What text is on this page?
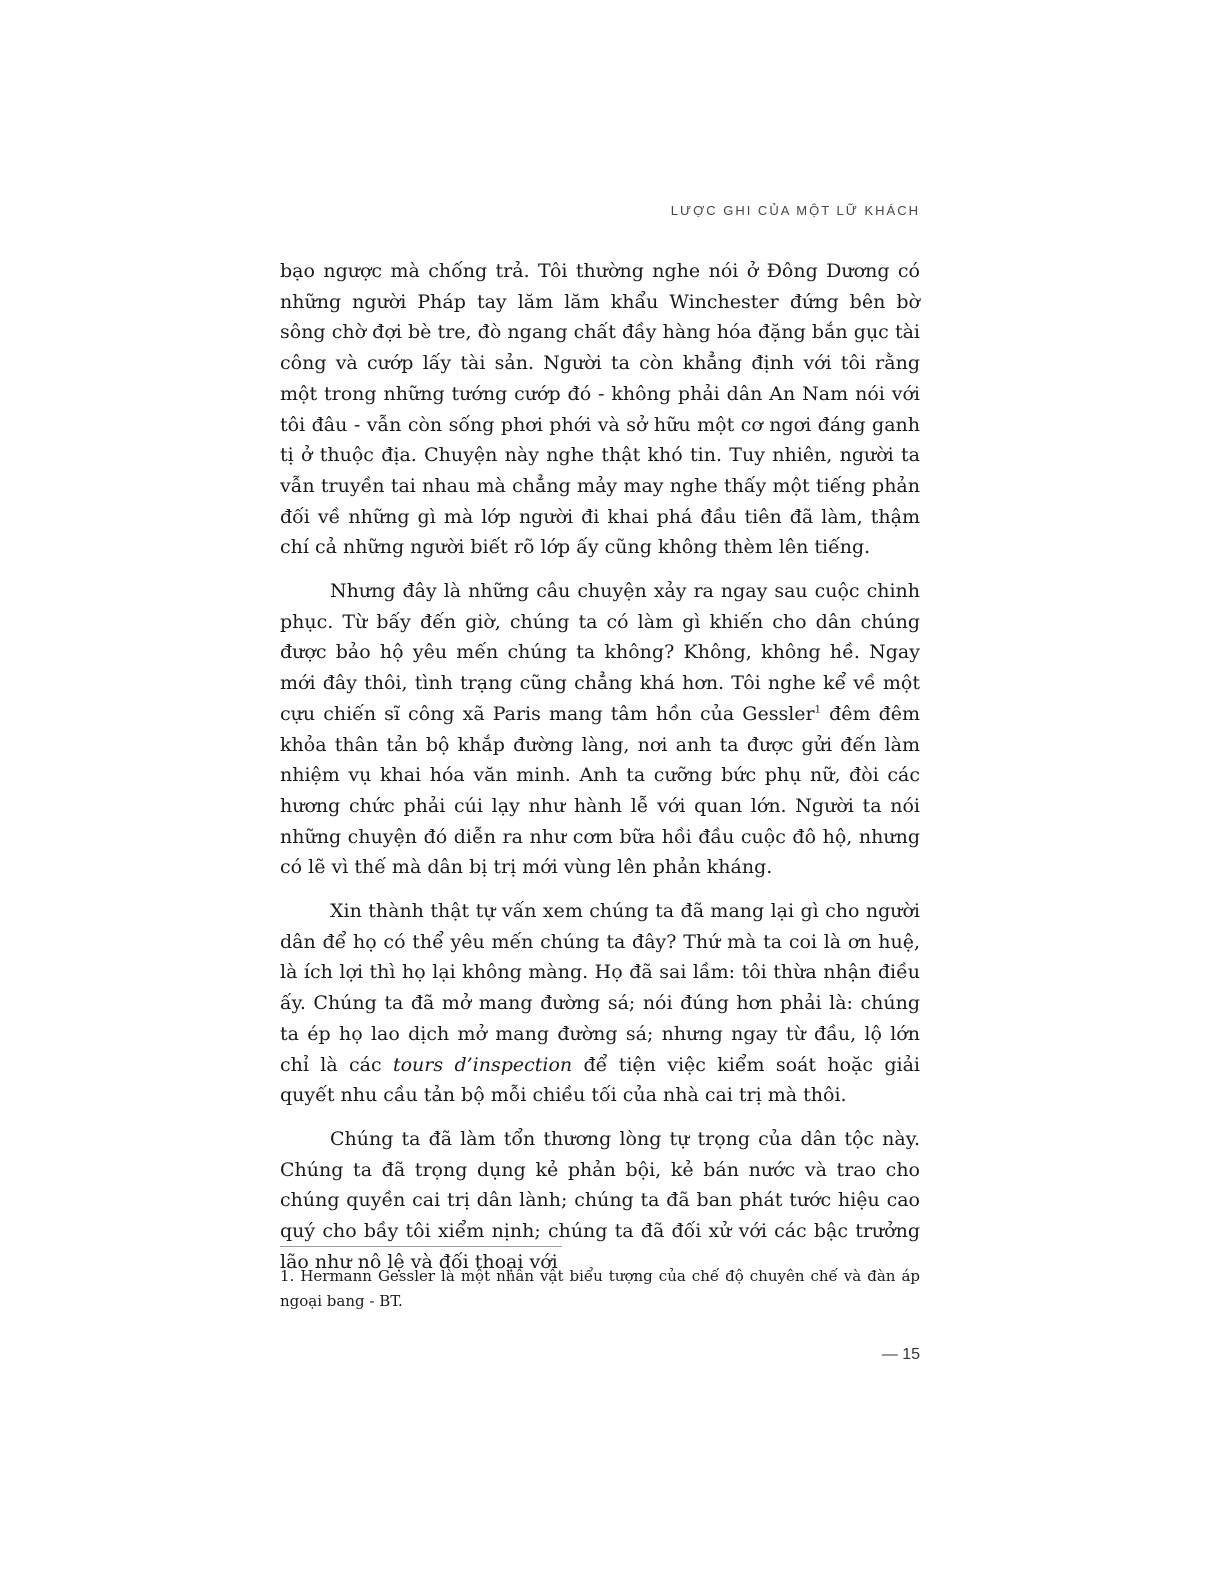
LƯỢC GHI CỦA MỘT LỮ KHÁCH

bạo ngược mà chống trả. Tôi thường nghe nói ở Đông Dương có những người Pháp tay lăm lăm khẩu Winchester đứng bên bờ sông chờ đợi bè tre, đò ngang chất đầy hàng hóa đặng bắn gục tài công và cướp lấy tài sản. Người ta còn khẳng định với tôi rằng một trong những tướng cướp đó - không phải dân An Nam nói với tôi đâu - vẫn còn sống phơi phới và sở hữu một cơ ngơi đáng ganh tị ở thuộc địa. Chuyện này nghe thật khó tin. Tuy nhiên, người ta vẫn truyền tai nhau mà chẳng mảy may nghe thấy một tiếng phản đối về những gì mà lớp người đi khai phá đầu tiên đã làm, thậm chí cả những người biết rõ lớp ấy cũng không thèm lên tiếng.

Nhưng đây là những câu chuyện xảy ra ngay sau cuộc chinh phục. Từ bấy đến giờ, chúng ta có làm gì khiến cho dân chúng được bảo hộ yêu mến chúng ta không? Không, không hề. Ngay mới đây thôi, tình trạng cũng chẳng khá hơn. Tôi nghe kể về một cựu chiến sĩ công xã Paris mang tâm hồn của Gessler$^1$ đêm đêm khỏa thân tản bộ khắp đường làng, nơi anh ta được gửi đến làm nhiệm vụ khai hóa văn minh. Anh ta cưỡng bức phụ nữ, đòi các hương chức phải cúi lạy như hành lễ với quan lớn. Người ta nói những chuyện đó diễn ra như cơm bữa hồi đầu cuộc đô hộ, nhưng có lẽ vì thế mà dân bị trị mới vùng lên phản kháng.

Xin thành thật tự vấn xem chúng ta đã mang lại gì cho người dân để họ có thể yêu mến chúng ta đây? Thứ mà ta coi là ơn huệ, là ích lợi thì họ lại không màng. Họ đã sai lầm: tôi thừa nhận điều ấy. Chúng ta đã mở mang đường sá; nói đúng hơn phải là: chúng ta ép họ lao dịch mở mang đường sá; nhưng ngay từ đầu, lộ lớn chỉ là các tours d’inspection để tiện việc kiểm soát hoặc giải quyết nhu cầu tản bộ mỗi chiều tối của nhà cai trị mà thôi.

Chúng ta đã làm tổn thương lòng tự trọng của dân tộc này. Chúng ta đã trọng dụng kẻ phản bội, kẻ bán nước và trao cho chúng quyền cai trị dân lành; chúng ta đã ban phát tước hiệu cao quý cho bầy tôi xiểm nịnh; chúng ta đã đối xử với các bậc trưởng lão như nô lệ và đối thoại với

1. Hermann Gessler là một nhân vật biểu tượng của chế độ chuyên chế và đàn áp ngoại bang - BT.
— 15
